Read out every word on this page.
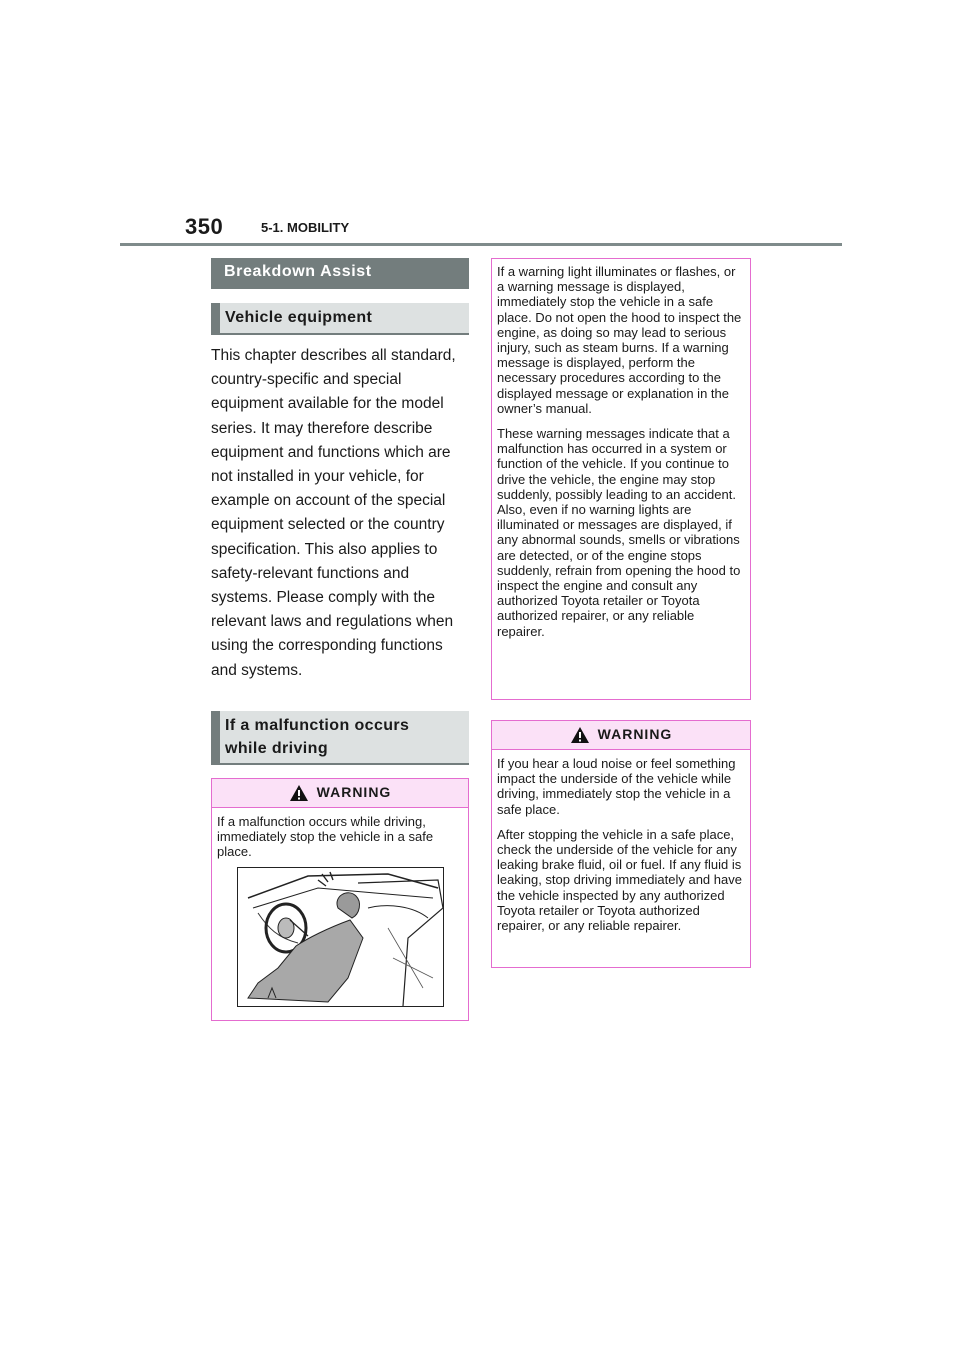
350	5-1. MOBILITY
Breakdown Assist
Vehicle equipment

This chapter describes all standard, country-specific and special equipment available for the model series. It may therefore describe equipment and functions which are not installed in your vehicle, for example on account of the special equipment selected or the country specification. This also applies to safety-relevant functions and systems. Please comply with the relevant laws and regulations when using the corresponding functions and systems.

If a malfunction occurs
while driving
WARNING

If a malfunction occurs while driving, immediately stop the vehicle in a safe place.

If a warning light illuminates or flashes, or a warning message is displayed, immediately stop the vehicle in a safe place. Do not open the hood to inspect the engine, as doing so may lead to serious injury, such as steam burns. If a warning message is displayed, perform the necessary procedures according to the displayed message or explanation in the owner’s manual.

These warning messages indicate that a malfunction has occurred in a system or function of the vehicle. If you continue to drive the vehicle, the engine may stop suddenly, possibly leading to an accident. Also, even if no warning lights are illuminated or messages are displayed, if any abnormal sounds, smells or vibrations are detected, or of the engine stops suddenly, refrain from opening the hood to inspect the engine and consult any authorized Toyota retailer or Toyota authorized repairer, or any reliable repairer.

WARNING

If you hear a loud noise or feel something impact the underside of the vehicle while driving, immediately stop the vehicle in a safe place.

After stopping the vehicle in a safe place, check the underside of the vehicle for any leaking brake fluid, oil or fuel. If any fluid is leaking, stop driving immediately and have the vehicle inspected by any authorized Toyota retailer or Toyota authorized repairer, or any reliable repairer.
